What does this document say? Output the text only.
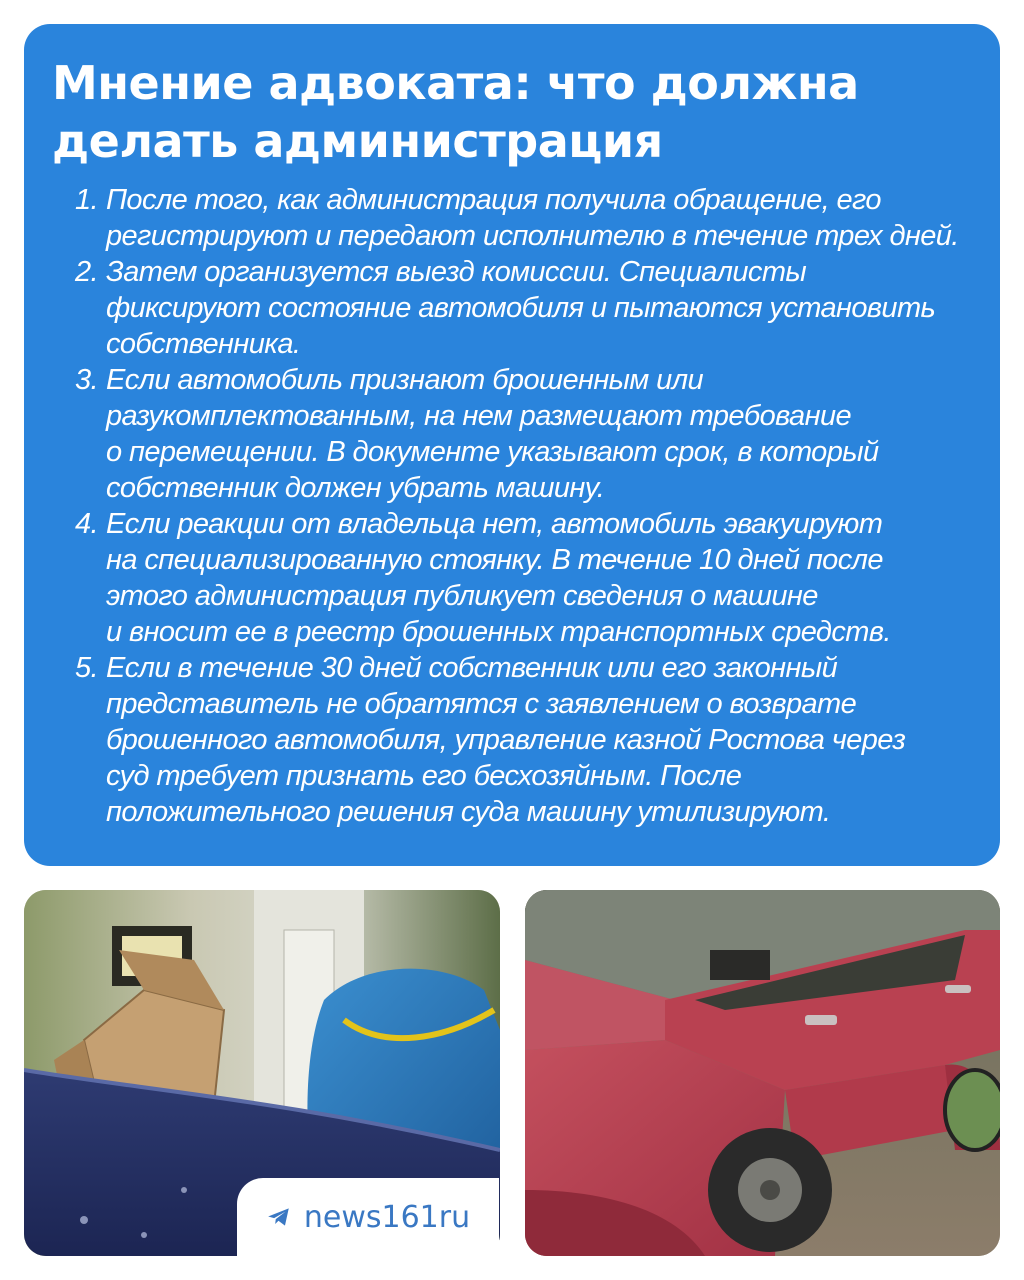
Мнение адвоката: что должна
делать администрация
1. После того, как администрация получила обращение, его
регистрируют и передают исполнителю в течение трех дней.
2. Затем организуется выезд комиссии. Специалисты
фиксируют состояние автомобиля и пытаются установить
собственника.
3. Если автомобиль признают брошенным или
разукомплектованным, на нем размещают требование
о перемещении. В документе указывают срок, в который
собственник должен убрать машину.
4. Если реакции от владельца нет, автомобиль эвакуируют
на специализированную стоянку. В течение 10 дней после
этого администрация публикует сведения о машине
и вносит ее в реестр брошенных транспортных средств.
5. Если в течение 30 дней собственник или его законный
представитель не обратятся с заявлением о возврате
брошенного автомобиля, управление казной Ростова через
суд требует признать его бесхозяйным. После
положительного решения суда машину утилизируют.
news161ru
